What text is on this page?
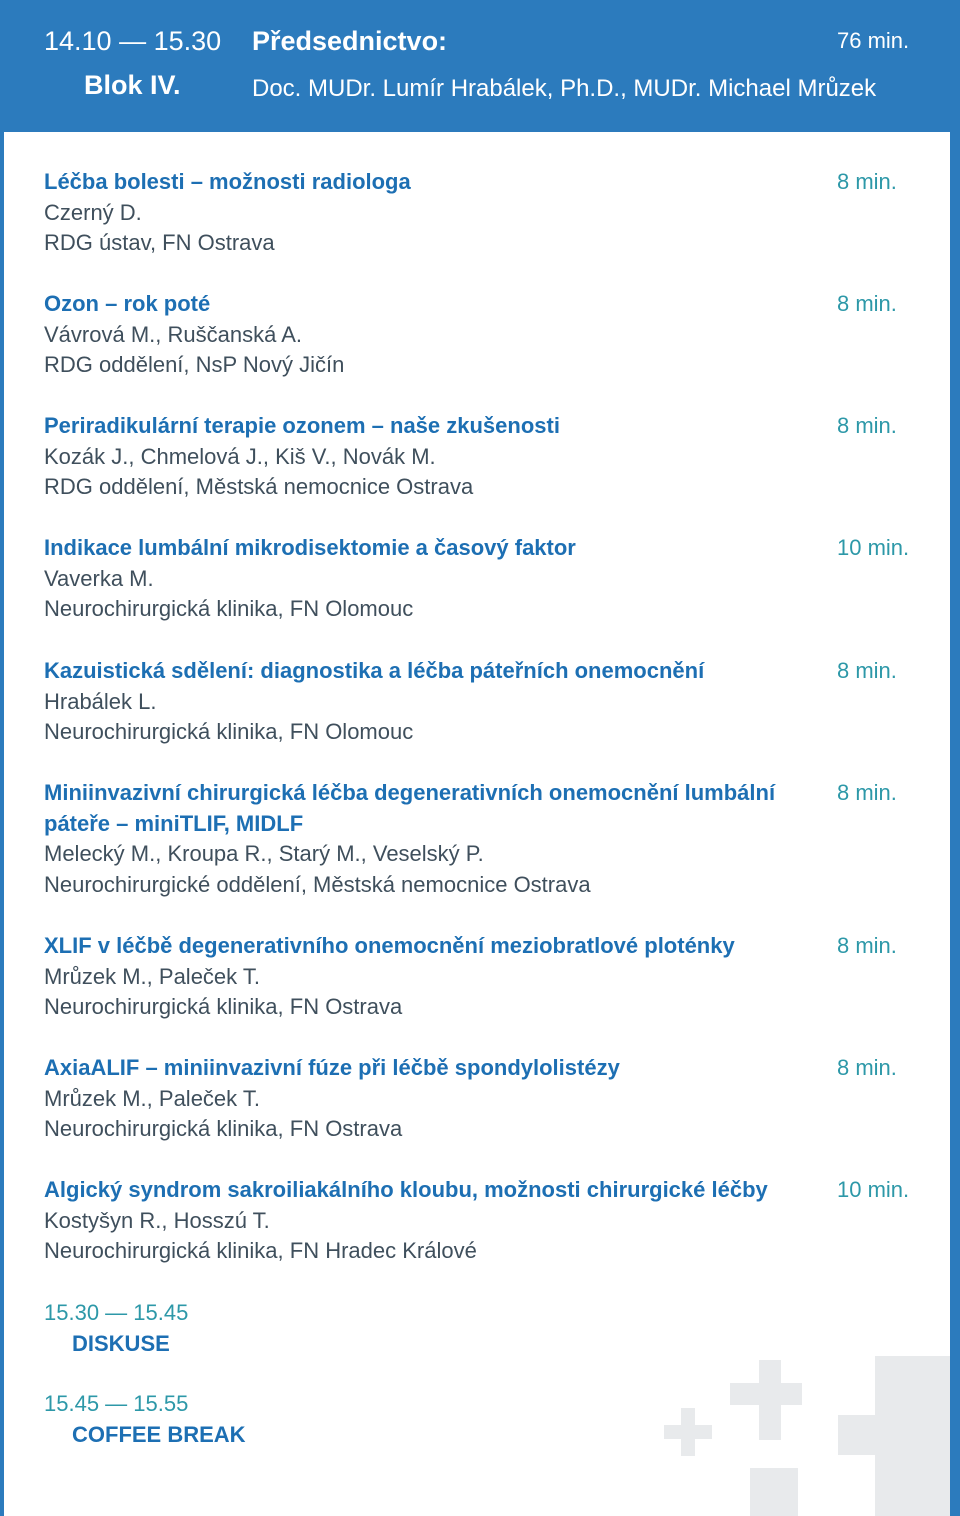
14.10 — 15.30 Předsednictvo:
Blok IV.	Doc. MUDr. Lumír Hrabálek, Ph.D., MUDr. Michael Mrůzek
76 min.
Léčba bolesti – možnosti radiologa
Czerný D.
RDG ústav, FN Ostrava
8 min.
Ozon – rok poté
Vávrová M., Ruščanská A.
RDG oddělení, NsP Nový Jičín
8 min.
Periradikulární terapie ozonem – naše zkušenosti
Kozák J., Chmelová J., Kiš V., Novák M.
RDG oddělení, Městská nemocnice Ostrava
8 min.
Indikace lumbální mikrodisektomie a časový faktor
Vaverka M.
Neurochirurgická klinika, FN Olomouc
10 min.
Kazuistická sdělení: diagnostika a léčba páteřních onemocnění
Hrabálek L.
Neurochirurgická klinika, FN Olomouc
8 min.
Miniinvazivní chirurgická léčba degenerativních onemocnění lumbální páteře – miniTLIF, MIDLF
Melecký M., Kroupa R., Starý M., Veselský P.
Neurochirurgické oddělení, Městská nemocnice Ostrava
8 min.
XLIF v léčbě degenerativního onemocnění meziobratlové ploténky
Mrůzek M., Paleček T.
Neurochirurgická klinika, FN Ostrava
8 min.
AxiaALIF – miniinvazivní fúze při léčbě spondylolistézy
Mrůzek M., Paleček T.
Neurochirurgická klinika, FN Ostrava
8 min.
Algický syndrom sakroiliakálního kloubu, možnosti chirurgické léčby
Kostyšyn R., Hosszú T.
Neurochirurgická klinika, FN Hradec Králové
10 min.
15.30 — 15.45
DISKUSE
15.45 — 15.55
COFFEE BREAK
